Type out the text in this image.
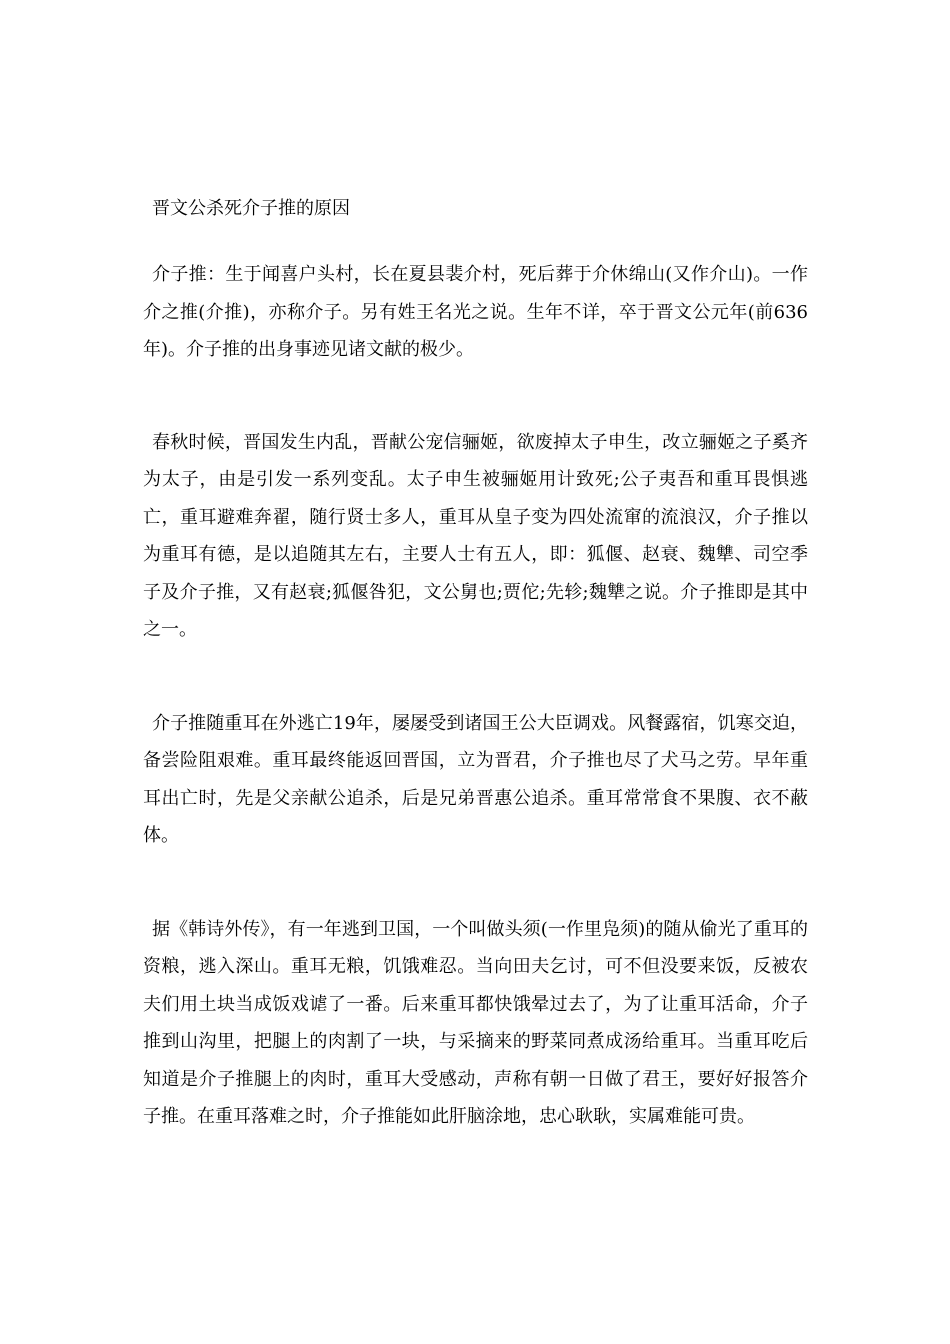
晋文公杀死介子推的原因

介子推：生于闻喜户头村，长在夏县裴介村，死后葬于介休绵山(又作介山)。一作介之推(介推)，亦称介子。另有姓王名光之说。生年不详，卒于晋文公元年(前636年)。介子推的出身事迹见诸文献的极少。

春秋时候，晋国发生内乱，晋献公宠信骊姬，欲废掉太子申生，改立骊姬之子奚齐为太子，由是引发一系列变乱。太子申生被骊姬用计致死;公子夷吾和重耳畏惧逃亡，重耳避难奔翟，随行贤士多人，重耳从皇子变为四处流窜的流浪汉，介子推以为重耳有德，是以追随其左右，主要人士有五人，即：狐偃、赵衰、魏犨、司空季子及介子推，又有赵衰;狐偃咎犯，文公舅也;贾佗;先轸;魏犨之说。介子推即是其中之一。

介子推随重耳在外逃亡19年，屡屡受到诸国王公大臣调戏。风餐露宿，饥寒交迫，备尝险阻艰难。重耳最终能返回晋国，立为晋君，介子推也尽了犬马之劳。早年重耳出亡时，先是父亲献公追杀，后是兄弟晋惠公追杀。重耳常常食不果腹、衣不蔽体。

据《韩诗外传》，有一年逃到卫国，一个叫做头须(一作里凫须)的随从偷光了重耳的资粮，逃入深山。重耳无粮，饥饿难忍。当向田夫乞讨，可不但没要来饭，反被农夫们用土块当成饭戏谑了一番。后来重耳都快饿晕过去了，为了让重耳活命，介子推到山沟里，把腿上的肉割了一块，与采摘来的野菜同煮成汤给重耳。当重耳吃后知道是介子推腿上的肉时，重耳大受感动，声称有朝一日做了君王，要好好报答介子推。在重耳落难之时，介子推能如此肝脑涂地，忠心耿耿，实属难能可贵。
